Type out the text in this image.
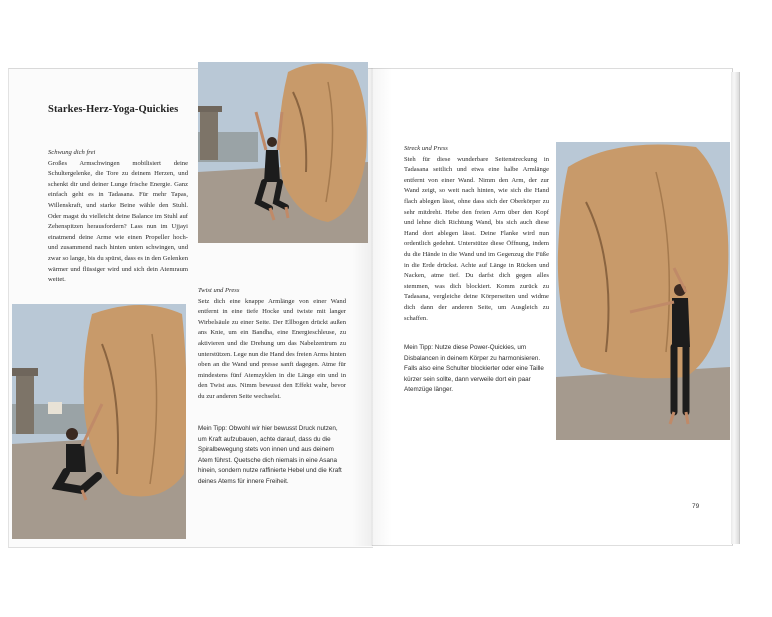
Starkes-Herz-Yoga-Quickies
Schwung dich frei

Großes Armschwingen mobilisiert deine Schultergelenke, die Tore zu deinem Herzen, und schenkt dir und deiner Lunge frische Energie. Ganz einfach geht es in Tadasana. Für mehr Tapas, Willenskraft, und starke Beine wähle den Stuhl. Oder magst du vielleicht deine Balance im Stuhl auf Zehenspitzen herausfordern? Lass nun im Ujjayi einatmend deine Arme wie einen Propeller hoch- und zusammend nach hinten unten schwingen, und zwar so lange, bis du spürst, dass es in den Gelenken wärmer und flüssiger wird und sich dein Atemraum weitet.

Twist und Press

Setz dich eine knappe Armlänge von einer Wand entfernt in eine tiefe Hocke und twiste mit langer Wirbelsäule zu einer Seite. Der Ellbogen drückt außen ans Knie, um ein Bandha, eine Energieschleuse, zu aktivieren und die Drehung um das Nabelzentrum zu unterstützen. Lege nun die Hand des freien Arms hinten oben an die Wand und presse sanft dagegen. Atme für mindestens fünf Atemzyklen in die Länge ein und in den Twist aus. Nimm bewusst den Effekt wahr, bevor du zur anderen Seite wechselst.

Mein Tipp: Obwohl wir hier bewusst Druck nutzen, um Kraft aufzubauen, achte darauf, dass du die Spiralbewegung stets von innen und aus deinem Atem führst. Quetsche dich niemals in eine Asana hinein, sondern nutze raffinierte Hebel und die Kraft deines Atems für innere Freiheit.

Streck und Press

Steh für diese wunderbare Seitenstreckung in Tadasana seitlich und etwa eine halbe Armlänge entfernt von einer Wand. Nimm den Arm, der zur Wand zeigt, so weit nach hinten, wie sich die Hand flach ablegen lässt, ohne dass sich der Oberkörper zu sehr mitdreht. Hebe den freien Arm über den Kopf und lehne dich Richtung Wand, bis sich auch diese Hand dort ablegen lässt. Deine Flanke wird nun ordentlich gedehnt. Unterstütze diese Öffnung, indem du die Hände in die Wand und im Gegenzug die Füße in die Erde drückst. Achte auf Länge in Rücken und Nacken, atme tief. Du darfst dich gegen alles stemmen, was dich blockiert. Komm zurück zu Tadasana, vergleiche deine Körperseiten und widme dich dann der anderen Seite, um Ausgleich zu schaffen.

Mein Tipp: Nutze diese Power-Quickies, um Disbalancen in deinem Körper zu harmonisieren. Falls also eine Schulter blockierter oder eine Taille kürzer sein sollte, dann verweile dort ein paar Atemzüge länger.

79
